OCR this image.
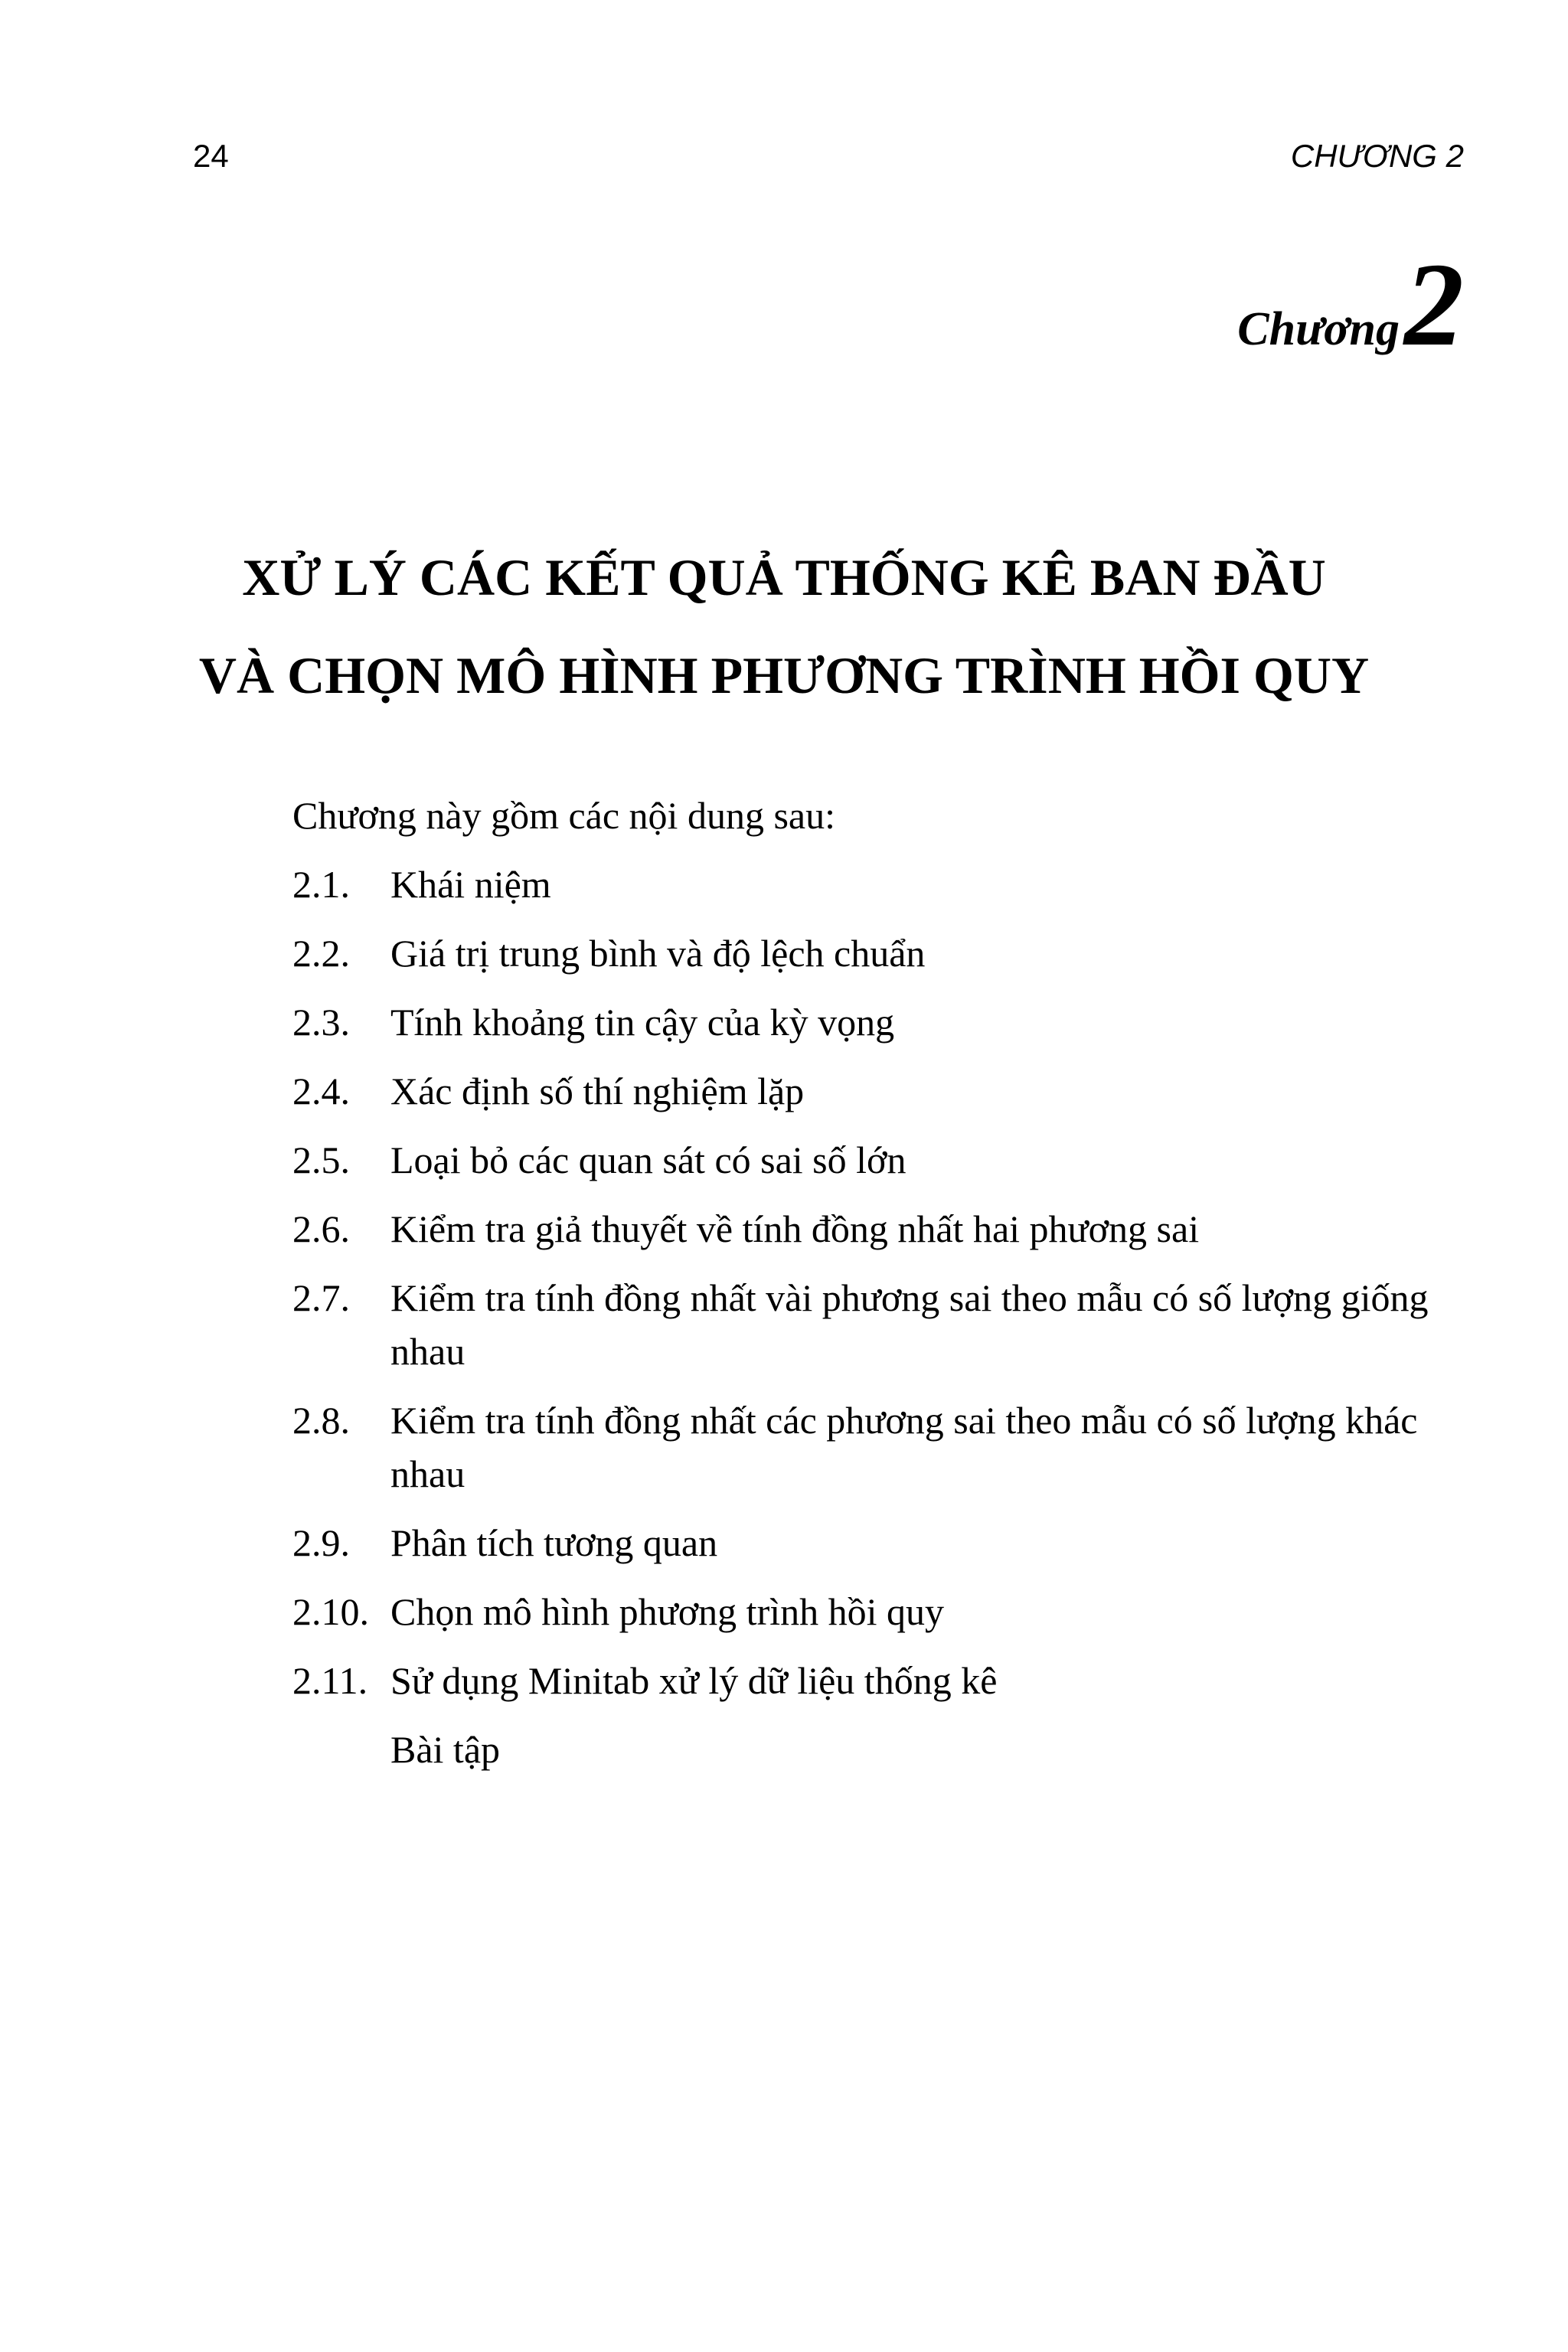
24	CHƯƠNG 2
Chương2
XỬ LÝ CÁC KẾT QUẢ THỐNG KÊ BAN ĐẦU
VÀ CHỌN MÔ HÌNH PHƯƠNG TRÌNH HỒI QUY

Chương này gồm các nội dung sau:

2.1.	Khái niệm
2.2.	Giá trị trung bình và độ lệch chuẩn
2.3.	Tính khoảng tin cậy của kỳ vọng
2.4.	Xác định số thí nghiệm lặp
2.5.	Loại bỏ các quan sát có sai số lớn
2.6.	Kiểm tra giả thuyết về tính đồng nhất hai phương sai
2.7.	Kiểm tra tính đồng nhất vài phương sai theo mẫu có số lượng giống nhau
2.8.	Kiểm tra tính đồng nhất các phương sai theo mẫu có số lượng khác nhau
2.9.	Phân tích tương quan
2.10. Chọn mô hình phương trình hồi quy
2.11. Sử dụng Minitab xử lý dữ liệu thống kê
Bài tập
